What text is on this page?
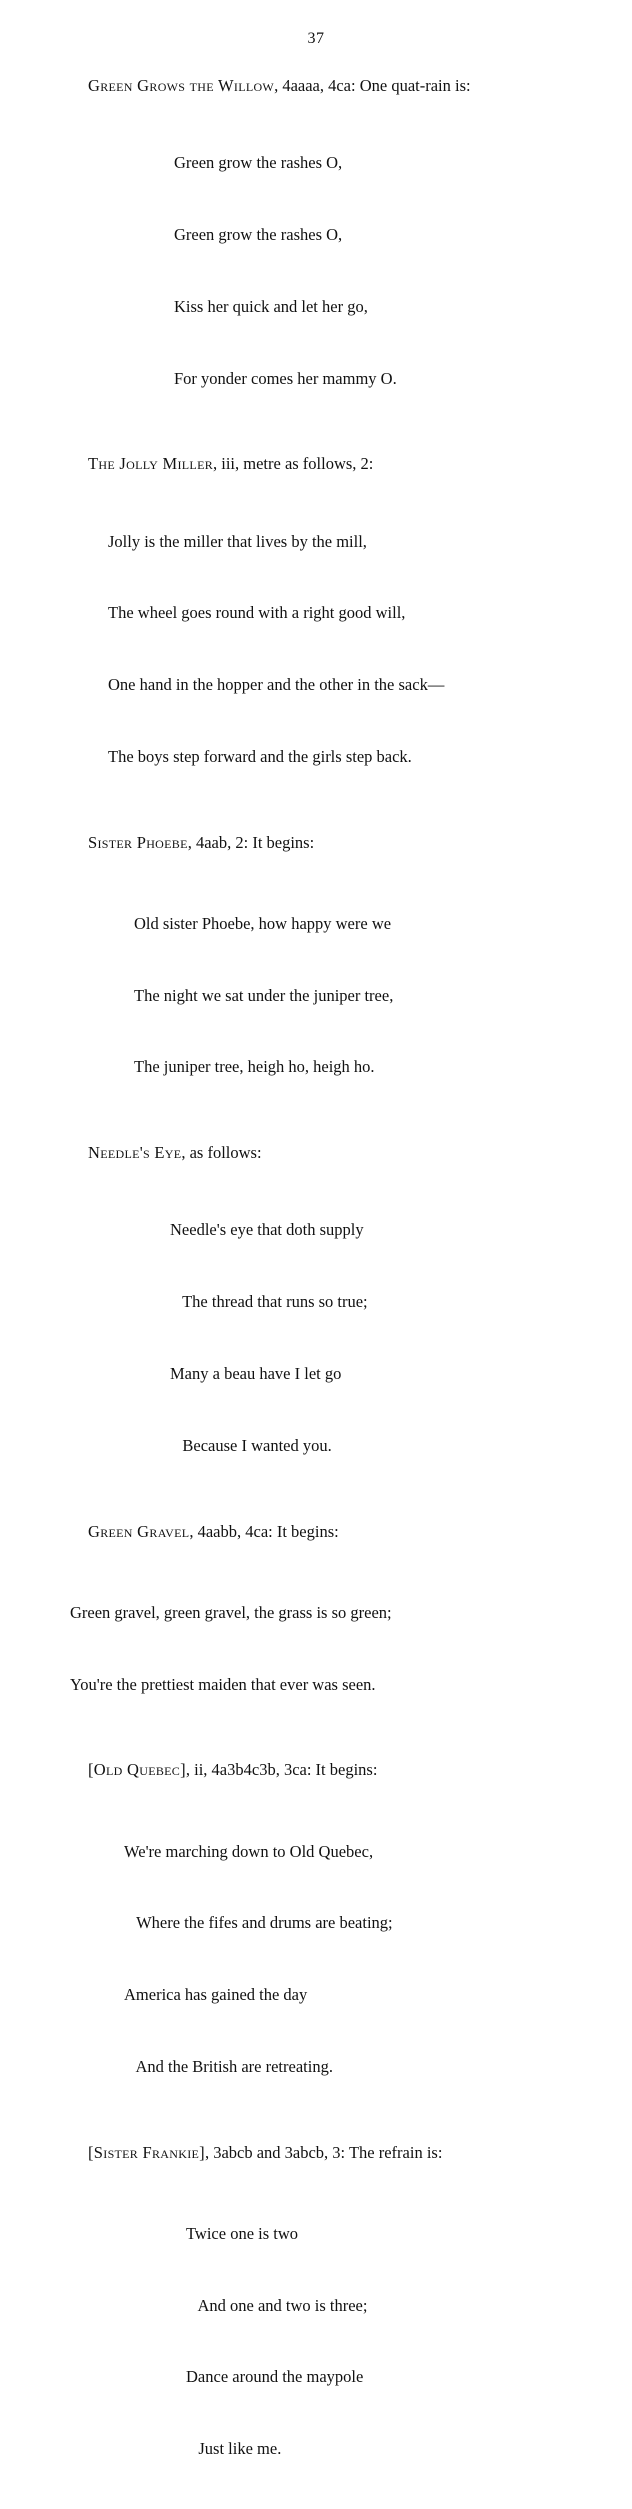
37

Green Grows the Willow, 4aaaa, 4ca: One quat-rain is:

Green grow the rashes O,

Green grow the rashes O,

Kiss her quick and let her go,

For yonder comes her mammy O.

The Jolly Miller, iii, metre as follows, 2:

Jolly is the miller that lives by the mill,

The wheel goes round with a right good will,

One hand in the hopper and the other in the sack—

The boys step forward and the girls step back.

Sister Phoebe, 4aab, 2: It begins:

Old sister Phoebe, how happy were we

The night we sat under the juniper tree,

The juniper tree, heigh ho, heigh ho.

Needle's Eye, as follows:

Needle's eye that doth supply

The thread that runs so true;

Many a beau have I let go

Because I wanted you.

Green Gravel, 4aabb, 4ca: It begins:

Green gravel, green gravel, the grass is so green;

You're the prettiest maiden that ever was seen.

[Old Quebec], ii, 4a3b4c3b, 3ca: It begins:

We're marching down to Old Quebec,

Where the fifes and drums are beating;

America has gained the day

And the British are retreating.

[Sister Frankie], 3abcb and 3abcb, 3: The refrain is:

Twice one is two

And one and two is three;

Dance around the maypole

Just like me.
